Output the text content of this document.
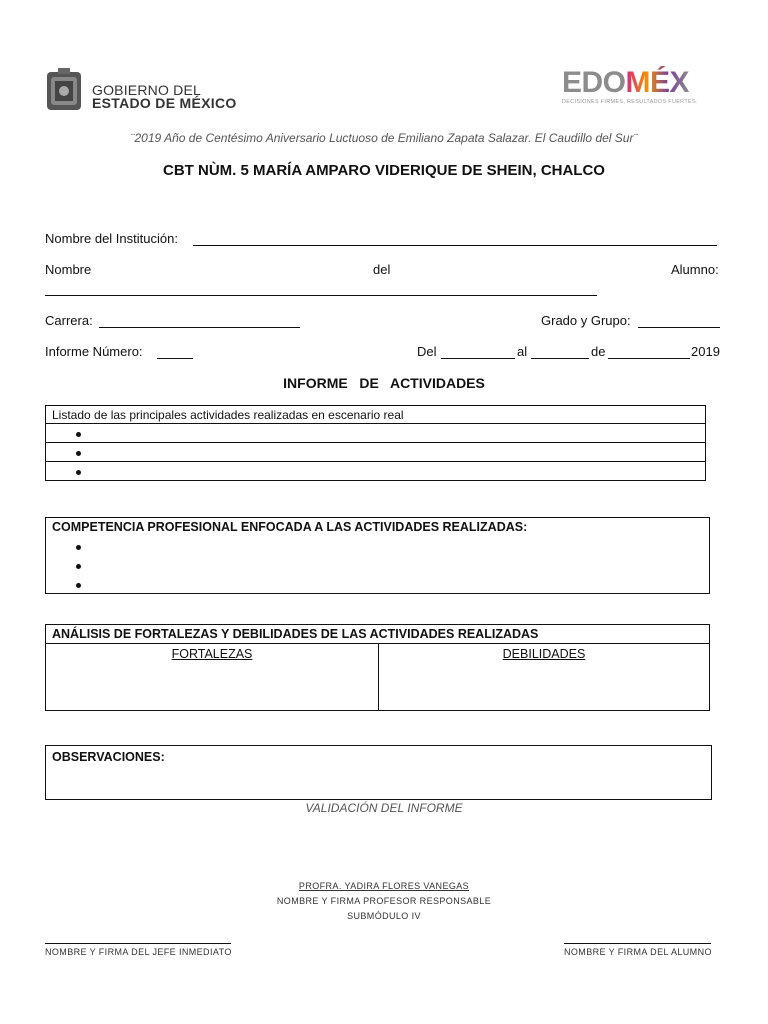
GOBIERNO DEL
ESTADO DE MÉXICO
EDOMÉX
DECISIONES FIRMES, RESULTADOS FUERTES.
¨2019 Año de Centésimo Aniversario Luctuoso de Emiliano Zapata Salazar. El Caudillo del Sur¨
CBT NÙM. 5 MARÍA AMPARO VIDERIQUE DE SHEIN, CHALCO
Nombre del Institución:
Nombre	del	Alumno:
Carrera:	Grado y Grupo:
Informe Número:	Del	al	de	2019
INFORME   DE   ACTIVIDADES
Listado de las principales actividades realizadas en escenario real

COMPETENCIA PROFESIONAL ENFOCADA A LAS ACTIVIDADES REALIZADAS:
ANÁLISIS DE FORTALEZAS Y DEBILIDADES DE LAS ACTIVIDADES REALIZADAS
FORTALEZAS	DEBILIDADES
OBSERVACIONES:
VALIDACIÓN DEL INFORME
PROFRA. YADIRA FLORES VANEGAS
NOMBRE Y FIRMA PROFESOR RESPONSABLE
SUBMÓDULO IV
NOMBRE Y FIRMA DEL JEFE INMEDIATO	NOMBRE Y FIRMA DEL ALUMNO
